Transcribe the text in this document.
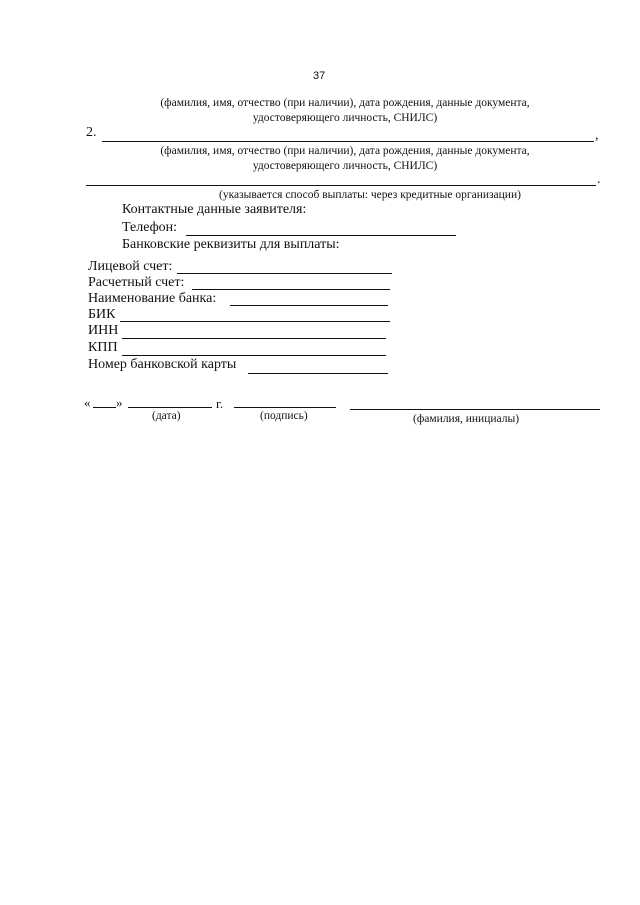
37
(фамилия, имя, отчество (при наличии), дата рождения, данные документа,
удостоверяющего личность, СНИЛС)
2.	,
(фамилия, имя, отчество (при наличии), дата рождения, данные документа,
удостоверяющего личность, СНИЛС)
.
(указывается способ выплаты: через кредитные организации)
Контактные данные заявителя:
Телефон:
Банковские реквизиты для выплаты:
Лицевой счет:
Расчетный счет:
Наименование банка:
БИК
ИНН
КПП
Номер банковской карты
« »	г.
(дата)	(подпись)	(фамилия, инициалы)
